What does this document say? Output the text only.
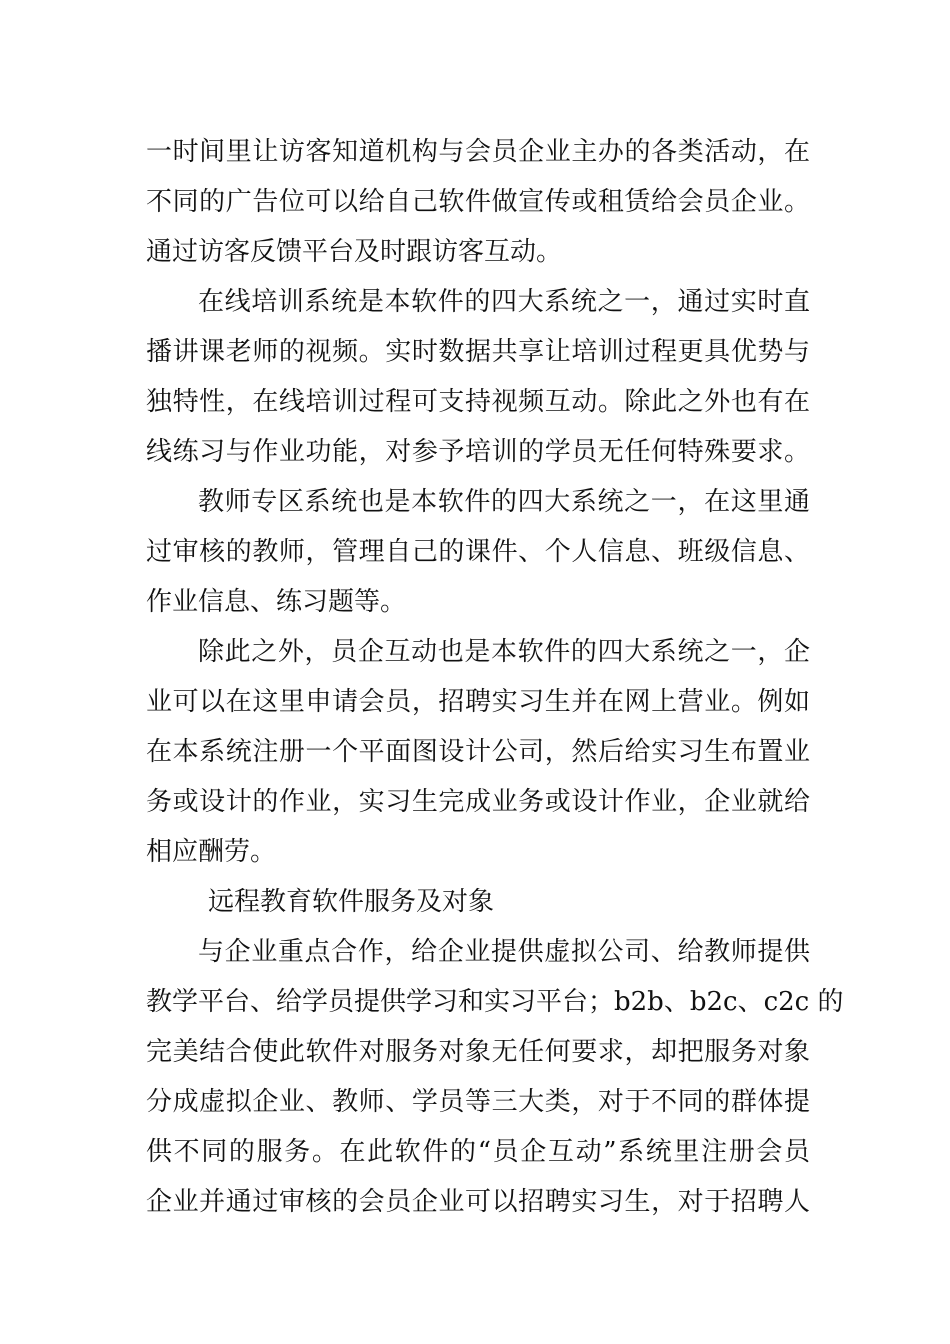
一时间里让访客知道机构与会员企业主办的各类活动，在
不同的广告位可以给自己软件做宣传或租赁给会员企业。
通过访客反馈平台及时跟访客互动。
在线培训系统是本软件的四大系统之一，通过实时直
播讲课老师的视频。实时数据共享让培训过程更具优势与
独特性，在线培训过程可支持视频互动。除此之外也有在
线练习与作业功能，对参予培训的学员无任何特殊要求。
教师专区系统也是本软件的四大系统之一，在这里通
过审核的教师，管理自己的课件、个人信息、班级信息、
作业信息、练习题等。
除此之外，员企互动也是本软件的四大系统之一，企
业可以在这里申请会员，招聘实习生并在网上营业。例如
在本系统注册一个平面图设计公司，然后给实习生布置业
务或设计的作业，实习生完成业务或设计作业，企业就给
相应酬劳。
远程教育软件服务及对象
与企业重点合作，给企业提供虚拟公司、给教师提供
教学平台、给学员提供学习和实习平台；b2b、b2c、c2c 的
完美结合使此软件对服务对象无任何要求，却把服务对象
分成虚拟企业、教师、学员等三大类，对于不同的群体提
供不同的服务。在此软件的“员企互动”系统里注册会员
企业并通过审核的会员企业可以招聘实习生，对于招聘人
